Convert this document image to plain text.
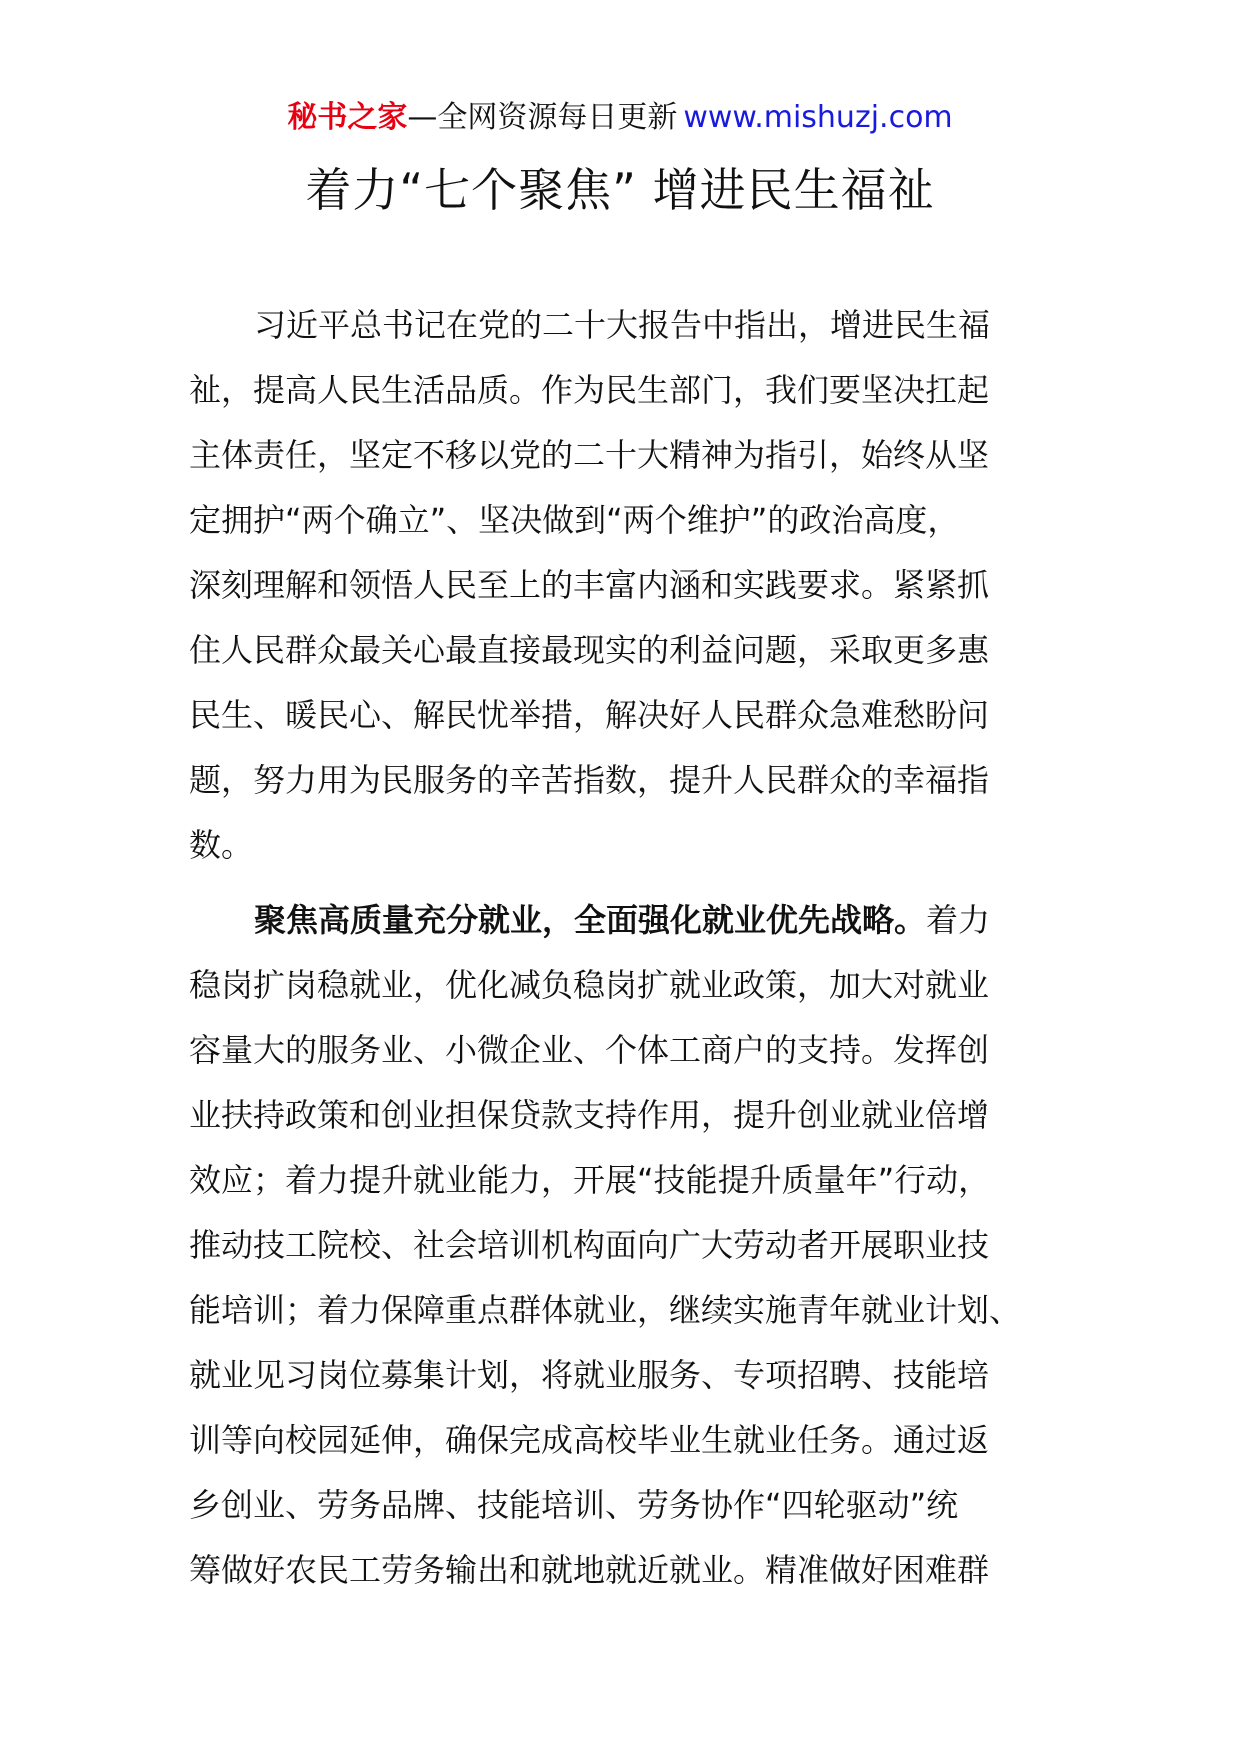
秘书之家—全网资源每日更新 www.mishuzj.com
着力“七个聚焦” 增进民生福祉
习近平总书记在党的二十大报告中指出，增进民生福
祉，提高人民生活品质。作为民生部门，我们要坚决扛起
主体责任，坚定不移以党的二十大精神为指引，始终从坚
定拥护“两个确立”、坚决做到“两个维护”的政治高度，
深刻理解和领悟人民至上的丰富内涵和实践要求。紧紧抓
住人民群众最关心最直接最现实的利益问题，采取更多惠
民生、暖民心、解民忧举措，解决好人民群众急难愁盼问
题，努力用为民服务的辛苦指数，提升人民群众的幸福指
数。
聚焦高质量充分就业，全面强化就业优先战略。着力
稳岗扩岗稳就业，优化减负稳岗扩就业政策，加大对就业
容量大的服务业、小微企业、个体工商户的支持。发挥创
业扶持政策和创业担保贷款支持作用，提升创业就业倍增
效应；着力提升就业能力，开展“技能提升质量年”行动，
推动技工院校、社会培训机构面向广大劳动者开展职业技
能培训；着力保障重点群体就业，继续实施青年就业计划、
就业见习岗位募集计划，将就业服务、专项招聘、技能培
训等向校园延伸，确保完成高校毕业生就业任务。通过返
乡创业、劳务品牌、技能培训、劳务协作“四轮驱动”统
筹做好农民工劳务输出和就地就近就业。精准做好困难群
